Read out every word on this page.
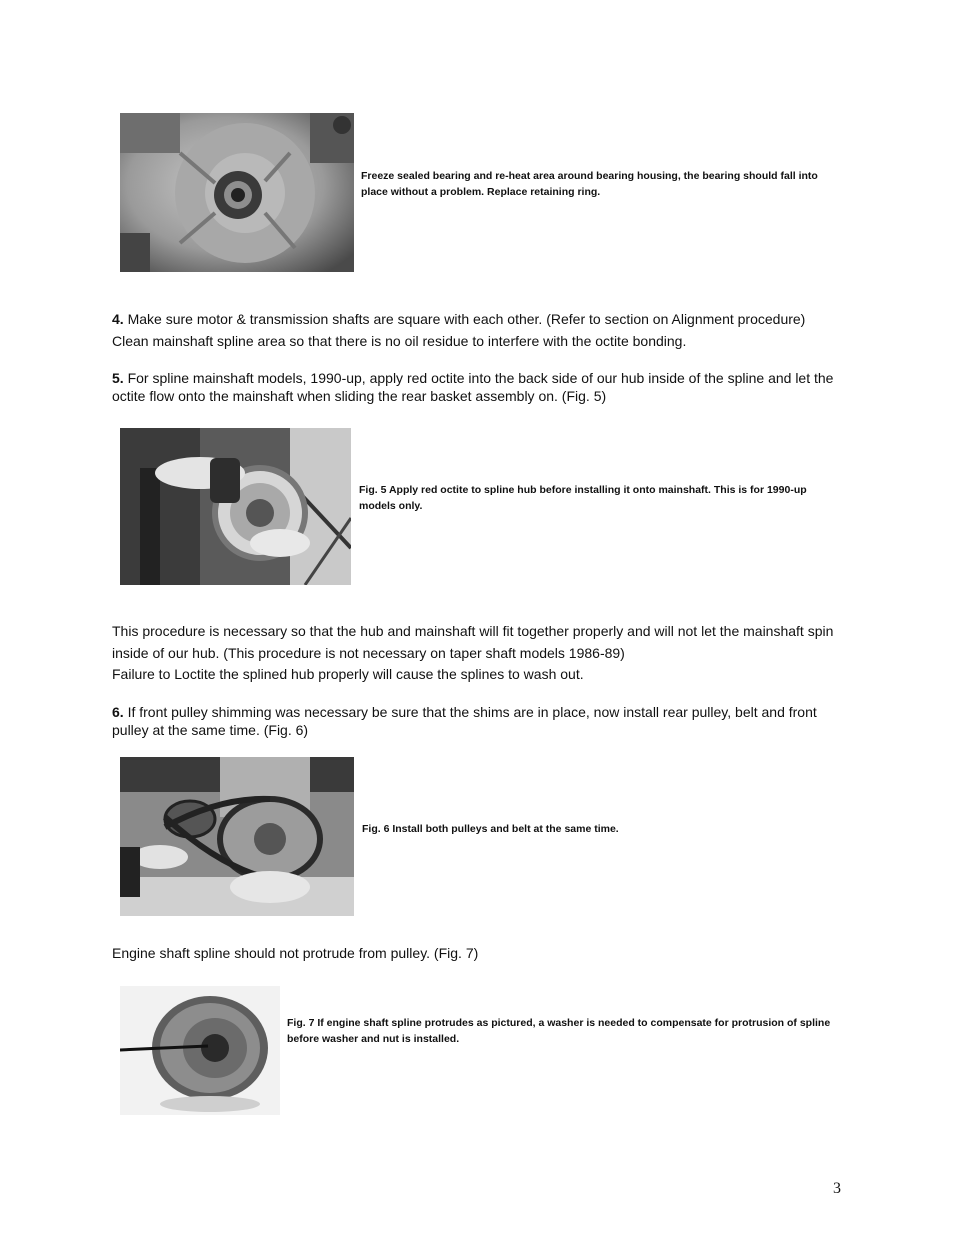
Freeze sealed bearing and re-heat area around bearing housing, the bearing should fall into place without a problem. Replace retaining ring.
4. Make sure motor & transmission shafts are square with each other. (Refer to section on Alignment procedure)
Clean mainshaft spline area so that there is no oil residue to interfere with the octite bonding.
5. For spline mainshaft models, 1990-up, apply red octite into the back side of our hub inside of the spline and let the octite flow onto the mainshaft when sliding the rear basket assembly on. (Fig. 5)
Fig. 5 Apply red octite to spline hub before installing it onto mainshaft. This is for 1990-up models only.
This procedure is necessary so that the hub and mainshaft will fit together properly and will not let the mainshaft spin inside of our hub. (This procedure is not necessary on taper shaft models 1986-89)
Failure to Loctite the splined hub properly will cause the splines to wash out.
6. If front pulley shimming was necessary be sure that the shims are in place, now install rear pulley, belt and front pulley at the same time. (Fig. 6)
Fig. 6 Install both pulleys and belt at the same time.
Engine shaft spline should not protrude from pulley. (Fig. 7)
Fig. 7 If engine shaft spline protrudes as pictured, a washer is needed to compensate for protrusion of spline before washer and nut is installed.
3
